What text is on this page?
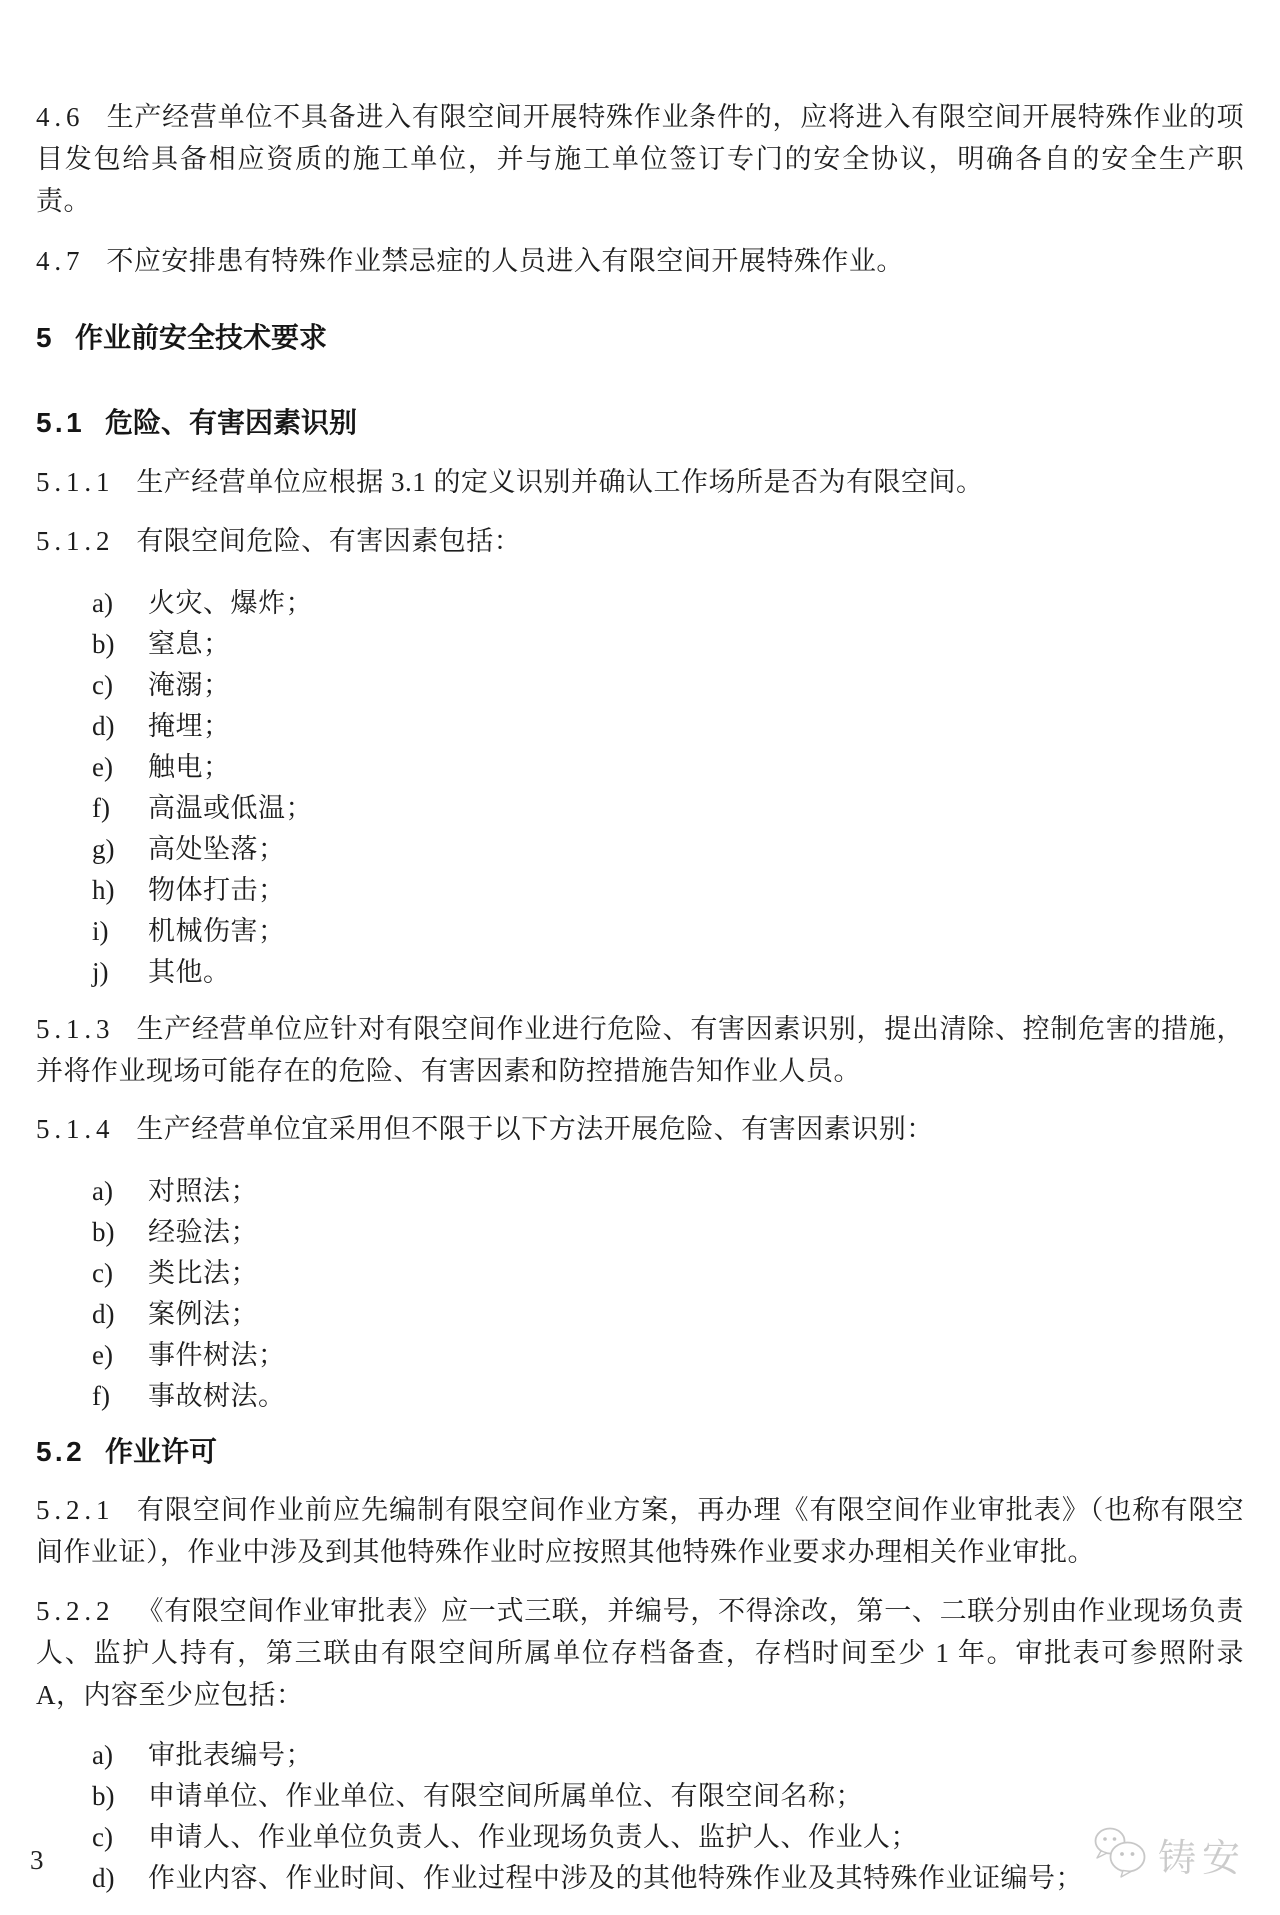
4.6 生产经营单位不具备进入有限空间开展特殊作业条件的，应将进入有限空间开展特殊作业的项目发包给具备相应资质的施工单位，并与施工单位签订专门的安全协议，明确各自的安全生产职责。

4.7 不应安排患有特殊作业禁忌症的人员进入有限空间开展特殊作业。

5 作业前安全技术要求
5.1 危险、有害因素识别

5.1.1 生产经营单位应根据 3.1 的定义识别并确认工作场所是否为有限空间。

5.1.2 有限空间危险、有害因素包括：

a) 火灾、爆炸；
b) 窒息；
c) 淹溺；
d) 掩埋；
e) 触电；
f) 高温或低温；
g) 高处坠落；
h) 物体打击；
i) 机械伤害；
j) 其他。

5.1.3 生产经营单位应针对有限空间作业进行危险、有害因素识别，提出清除、控制危害的措施，并将作业现场可能存在的危险、有害因素和防控措施告知作业人员。

5.1.4 生产经营单位宜采用但不限于以下方法开展危险、有害因素识别：

a) 对照法；
b) 经验法；
c) 类比法；
d) 案例法；
e) 事件树法；
f) 事故树法。
5.2 作业许可

5.2.1 有限空间作业前应先编制有限空间作业方案，再办理《有限空间作业审批表》（也称有限空间作业证），作业中涉及到其他特殊作业时应按照其他特殊作业要求办理相关作业审批。

5.2.2 《有限空间作业审批表》应一式三联，并编号，不得涂改，第一、二联分别由作业现场负责人、监护人持有，第三联由有限空间所属单位存档备查，存档时间至少 1 年。审批表可参照附录 A，内容至少应包括：

a) 审批表编号；
b) 申请单位、作业单位、有限空间所属单位、有限空间名称；
c) 申请人、作业单位负责人、作业现场负责人、监护人、作业人；
d) 作业内容、作业时间、作业过程中涉及的其他特殊作业及其特殊作业证编号；
3	铸安
